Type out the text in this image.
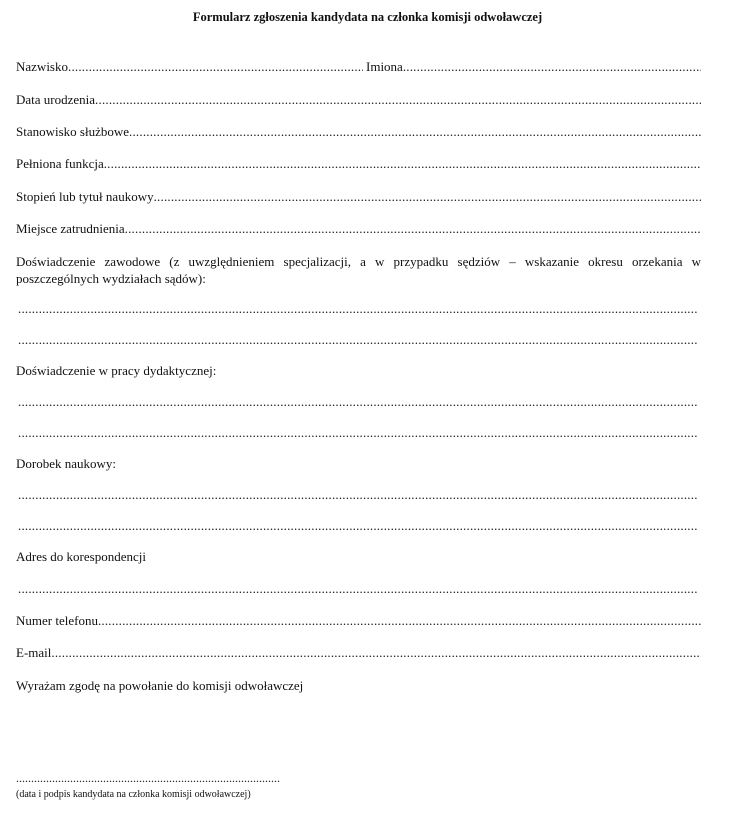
Formularz zgłoszenia kandydata na członka komisji odwoławczej
Nazwisko
.....	Imiona
.....
Data urodzenia
.....
Stanowisko służbowe
.....
Pełniona funkcja
.....
Stopień lub tytuł naukowy
.....
Miejsce zatrudnienia
.....
Doświadczenie zawodowe (z uwzględnieniem specjalizacji, a w przypadku sędziów – wskazanie okresu orzekania w poszczególnych wydziałach sądów):
.....
.....
Doświadczenie w pracy dydaktycznej:
.....
.....
Dorobek naukowy:
.....
.....
Adres do korespondencji
.....
Numer telefonu
.....
E-mail
.....
Wyrażam zgodę na powołanie do komisji odwoławczej
.....
(data i podpis kandydata na członka komisji odwoławczej)
